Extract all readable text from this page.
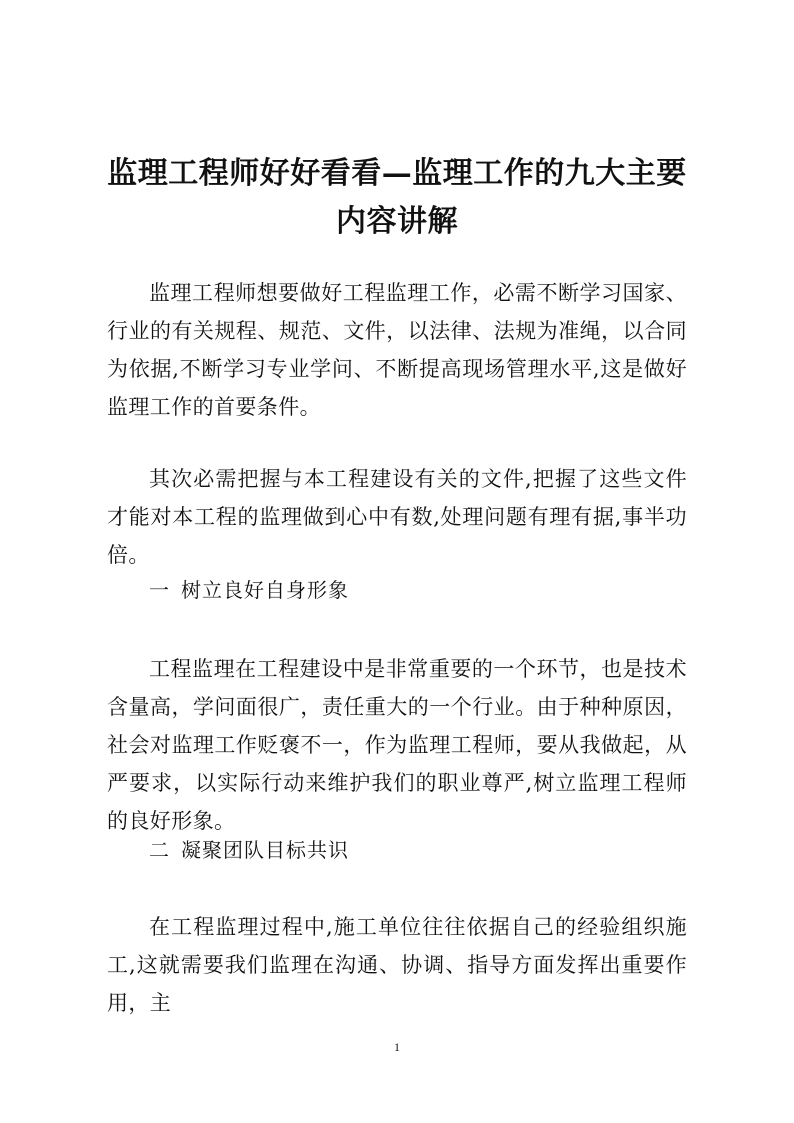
监理工程师好好看看—监理工作的九大主要内容讲解

监理工程师想要做好工程监理工作，必需不断学习国家、行业的有关规程、规范、文件，以法律、法规为准绳，以合同为依据,不断学习专业学问、不断提高现场管理水平,这是做好监理工作的首要条件。

其次必需把握与本工程建设有关的文件,把握了这些文件才能对本工程的监理做到心中有数,处理问题有理有据,事半功倍。

一 树立良好自身形象

工程监理在工程建设中是非常重要的一个环节，也是技术含量高，学问面很广，责任重大的一个行业。由于种种原因，社会对监理工作贬褒不一，作为监理工程师，要从我做起，从严要求，以实际行动来维护我们的职业尊严,树立监理工程师的良好形象。

二 凝聚团队目标共识

在工程监理过程中,施工单位往往依据自己的经验组织施工,这就需要我们监理在沟通、协调、指导方面发挥出重要作用，主

1
